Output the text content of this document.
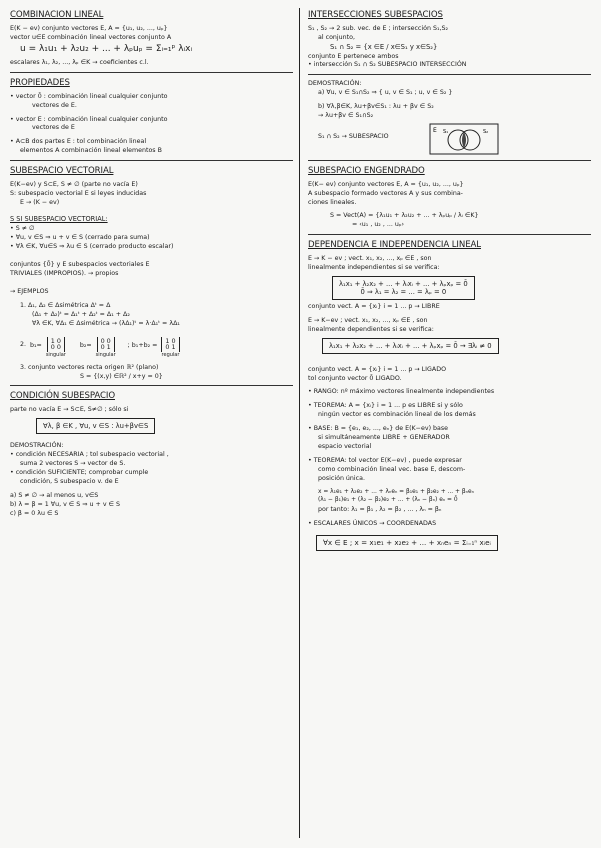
COMBINACIÓN LINEAL
E(K − ev) conjunto vectores E, A = {u₁, u₂, ..., uₚ}
vector u∈E combinación lineal vectores conjunto A
u = λ₁u₁ + λ₂u₂ + ... + λₚuₚ = Σᵢ₌₁ᵖ λᵢxᵢ
escalares λ₁, λ₂, ..., λₚ ∈K → coeficientes c.l.
PROPIEDADES
• vector 0̄ : combinación lineal cualquier conjunto
vectores de E.
• vector E : combinación lineal cualquier conjunto
vectores de E
• A⊂B dos partes E : tol combinación lineal
elementos A combinación lineal elementos B
SUBESPACIO VECTORIAL
E(K−ev) y S⊂E, S ≠ ∅ (parte no vacía E)
S: subespacio vectorial E si leyes inducidas
E → (K − ev)
S SI SUBESPACIO VECTORIAL:
• S ≠ ∅
• ∀u, v ∈S ⇒ u + v ∈ S (cerrado para suma)
• ∀λ ∈K, ∀u∈S ⇒ λu ∈ S (cerrado producto escalar)
conjuntos {0̄} y E subespacios vectoriales E
TRIVIALES (IMPROPIOS). → propios
→ EJEMPLOS
1. Δ₁, Δ₂ ∈ Δsimétrica Δᵗ = Δ
(Δ₁ + Δ₂)ᵗ = Δ₁ᵗ + Δ₂ᵗ = Δ₁ + Δ₂
∀λ ∈K, ∀Δ₁ ∈ Δsimétrica → (λΔ₁)ᵗ = λ·Δ₁ᵗ = λΔ₁
2. b₁=
1 0
0 0
singular
b₂=
0 0
0 1
singular
; b₁+b₂ =
1 0
0 1
regular
3. conjunto vectores recta origen ℝ² (plano)
S = {(x,y) ∈ℝ² / x+y = 0}
CONDICIÓN SUBESPACIO
parte no vacía E → S⊂E, S≠∅ ; sólo si
∀λ, β ∈K , ∀u, v ∈S : λu+βv∈S
DEMOSTRACIÓN:
• condición NECESARIA ; tol subespacio vectorial ,
suma 2 vectores S → vector de S.
• condición SUFICIENTE; comprobar cumple
condición, S subespacio v. de E
a) S ≠ ∅ → al menos u, v∈S
b) λ = β = 1 ∀u, v ∈ S ⇒ u + v ∈ S
c) β = 0 λu ∈ S
INTERSECCIONES SUBESPACIOS
S₁ , S₂ → 2 sub. vec. de E ; intersección S₁,S₂
al conjunto,
S₁ ∩ S₂ = {x ∈E / x∈S₁ y x∈S₂}
conjunto E pertenece ambos
• intersección S₁ ∩ S₂ SUBESPACIO INTERSECCIÓN
DEMOSTRACIÓN:
a) ∀u, v ∈ S₁∩S₂ ⇒ { u, v ∈ S₁ ; u, v ∈ S₂ }
b) ∀λ,β∈K, λu+βv∈S₁ : λu + βv ∈ S₂
→ λu+βv ∈ S₁∩S₂
S₁ ∩ S₂ → SUBESPACIO
E S₁	S₂
SUBESPACIO ENGENDRADO
E(K− ev) conjunto vectores E, A = {u₁, u₂, ..., uₚ}
A subespacio formado vectores A y sus combina-
ciones lineales.
S = Vect(A) = {λ₁u₁ + λ₂u₂ + ... + λₚuₚ / λᵢ ∈K}
= ‹u₁ , u₂ , ... uₚ›
DEPENDENCIA E INDEPENDENCIA LINEAL
E → K − ev ; vect. x₁, x₂, ..., xₚ ∈E , son
linealmente independientes si se verifica:
λ₁x₁ + λ₂x₂ + ... + λᵢxᵢ + ... + λₚxₚ = 0̄
0̄ ⇒ λ₁ = λ₂ = ... = λₚ = 0
conjunto vect. A = {xᵢ} i = 1 ... p → LIBRE
E → K−ev ; vect. x₁, x₂, ..., xₚ ∈E , son
linealmente dependientes si se verifica:
λ₁x₁ + λ₂x₂ + ... + λᵢxᵢ + ... + λₚxₚ = 0̄ → ∃λᵢ ≠ 0
conjunto vect. A = {xᵢ} i = 1 ... p → LIGADO
tol conjunto vector 0̄ LIGADO.
• RANGO: nº máximo vectores linealmente independientes
• TEOREMA: A = {xᵢ} i = 1 ... p es LIBRE si y sólo
ningún vector es combinación lineal de los demás
• BASE: B = {e₁, e₂, ..., eₙ} de E(K−ev) base
si simultáneamente LIBRE + GENERADOR
espacio vectorial
• TEOREMA: tol vector E(K−ev) , puede expresar
como combinación lineal vec. base E, descom-
posición única.
x = λ₁e₁ + λ₂e₂ + ... + λₙeₙ = β₁e₁ + β₂e₂ + ... + βₙeₙ
(λ₁ − β₁)e₁ + (λ₂ − β₂)e₂ + ... + (λₙ − βₙ) eₙ = 0̄
por tanto: λ₁ = β₁ , λ₂ = β₂ , ... , λₙ = βₙ
• ESCALARES ÚNICOS → COORDENADAS
∀x ∈ E ; x = x₁e₁ + x₂e₂ + ... + xₙeₙ = Σᵢ₌₁ⁿ xᵢeᵢ
